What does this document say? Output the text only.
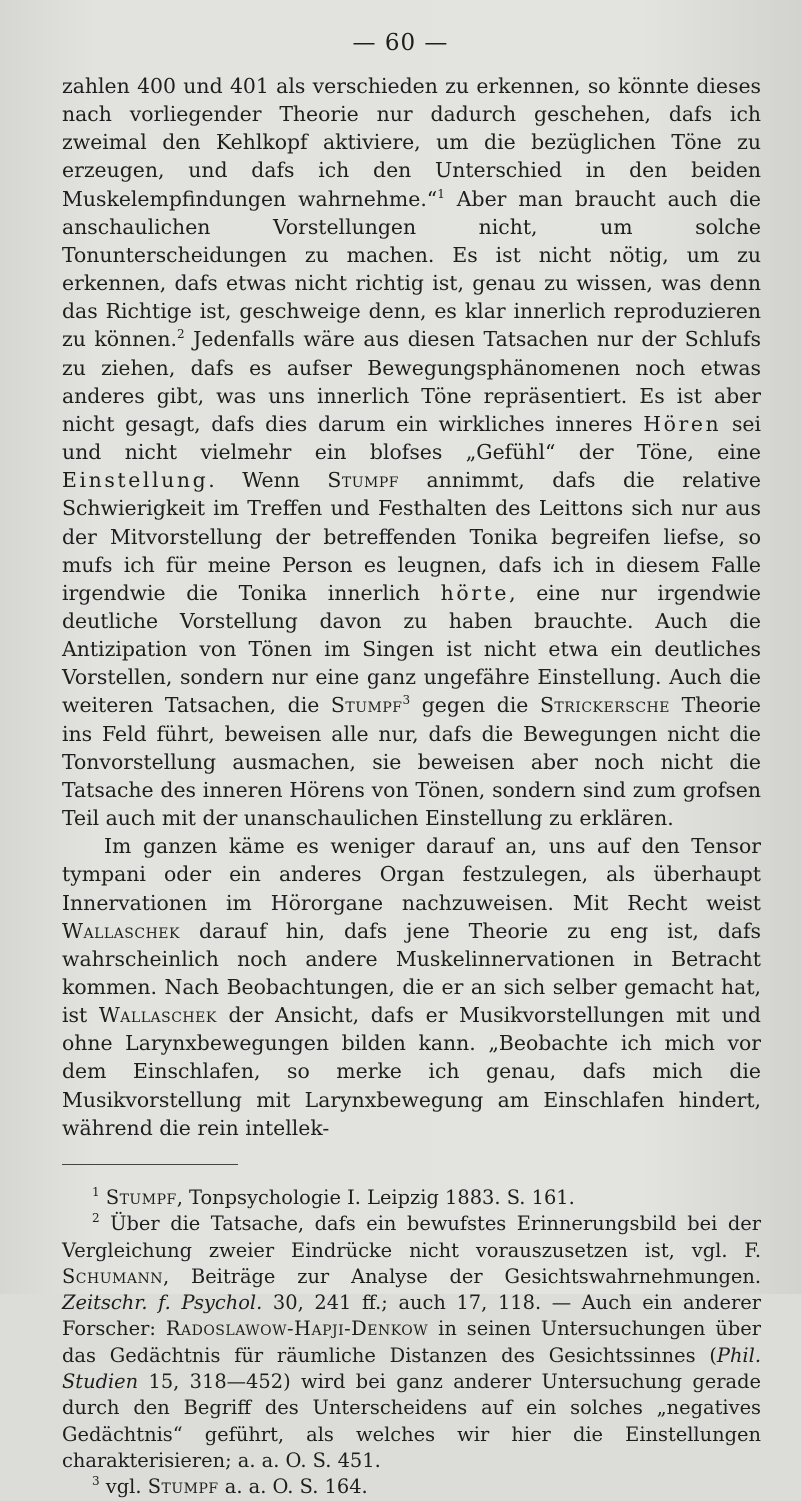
— 60 —

zahlen 400 und 401 als verschieden zu erkennen, so könnte dieses nach vorliegender Theorie nur dadurch geschehen, dafs ich zweimal den Kehlkopf aktiviere, um die bezüglichen Töne zu erzeugen, und dafs ich den Unterschied in den beiden Muskelempfindungen wahrnehme.“$^1$ Aber man braucht auch die anschaulichen Vorstellungen nicht, um solche Tonunterscheidungen zu machen. Es ist nicht nötig, um zu erkennen, dafs etwas nicht richtig ist, genau zu wissen, was denn das Richtige ist, geschweige denn, es klar innerlich reproduzieren zu können.$^2$ Jedenfalls wäre aus diesen Tatsachen nur der Schlufs zu ziehen, dafs es aufser Bewegungsphänomenen noch etwas anderes gibt, was uns innerlich Töne repräsentiert. Es ist aber nicht gesagt, dafs dies darum ein wirkliches inneres Hören sei und nicht vielmehr ein blofses „Gefühl“ der Töne, eine Einstellung. Wenn Stumpf annimmt, dafs die relative Schwierigkeit im Treffen und Festhalten des Leittons sich nur aus der Mitvorstellung der betreffenden Tonika begreifen liefse, so mufs ich für meine Person es leugnen, dafs ich in diesem Falle irgendwie die Tonika innerlich hörte, eine nur irgendwie deutliche Vorstellung davon zu haben brauchte. Auch die Antizipation von Tönen im Singen ist nicht etwa ein deutliches Vorstellen, sondern nur eine ganz ungefähre Einstellung. Auch die weiteren Tatsachen, die Stumpf$^3$ gegen die Strickersche Theorie ins Feld führt, beweisen alle nur, dafs die Bewegungen nicht die Tonvorstellung ausmachen, sie beweisen aber noch nicht die Tatsache des inneren Hörens von Tönen, sondern sind zum grofsen Teil auch mit der unanschaulichen Einstellung zu erklären.

Im ganzen käme es weniger darauf an, uns auf den Tensor tympani oder ein anderes Organ festzulegen, als überhaupt Innervationen im Hörorgane nachzuweisen. Mit Recht weist Wallaschek darauf hin, dafs jene Theorie zu eng ist, dafs wahrscheinlich noch andere Muskelinnervationen in Betracht kommen. Nach Beobachtungen, die er an sich selber gemacht hat, ist Wallaschek der Ansicht, dafs er Musikvorstellungen mit und ohne Larynxbewegungen bilden kann. „Beobachte ich mich vor dem Einschlafen, so merke ich genau, dafs mich die Musikvorstellung mit Larynxbewegung am Einschlafen hindert, während die rein intellek-

$^1$ Stumpf, Tonpsychologie I. Leipzig 1883. S. 161.

$^2$ Über die Tatsache, dafs ein bewufstes Erinnerungsbild bei der Vergleichung zweier Eindrücke nicht vorauszusetzen ist, vgl. F. Schumann, Beiträge zur Analyse der Gesichtswahrnehmungen. Zeitschr. f. Psychol. 30, 241 ff.; auch 17, 118. — Auch ein anderer Forscher: Radoslawow-Hapji-Denkow in seinen Untersuchungen über das Gedächtnis für räumliche Distanzen des Gesichtssinnes (Phil. Studien 15, 318—452) wird bei ganz anderer Untersuchung gerade durch den Begriff des Unterscheidens auf ein solches „negatives Gedächtnis“ geführt, als welches wir hier die Einstellungen charakterisieren; a. a. O. S. 451.

$^3$ vgl. Stumpf a. a. O. S. 164.
